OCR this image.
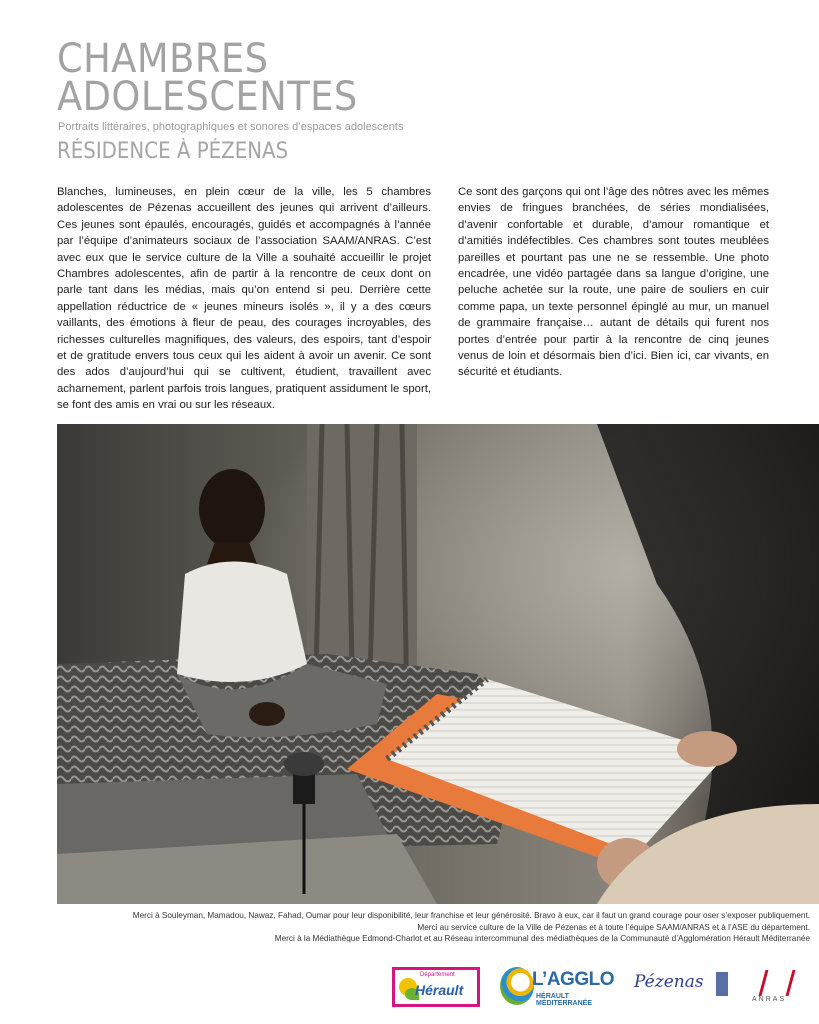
CHAMBRES
ADOLESCENTES
Portraits littéraires, photographiques et sonores d’espaces adolescents
RÉSIDENCE À PÉZENAS

Blanches, lumineuses, en plein cœur de la ville, les 5 chambres adolescentes de Pézenas accueillent des jeunes qui arrivent d’ailleurs. Ces jeunes sont épaulés, encouragés, guidés et accompagnés à l’année par l’équipe d’animateurs sociaux de l’association SAAM/ANRAS. C’est avec eux que le service culture de la Ville a souhaité accueillir le projet Chambres adolescentes, afin de partir à la rencontre de ceux dont on parle tant dans les médias, mais qu’on entend si peu. Derrière cette appellation réductrice de « jeunes mineurs isolés », il y a des cœurs vaillants, des émotions à fleur de peau, des courages incroyables, des richesses culturelles magnifiques, des valeurs, des espoirs, tant d’espoir et de gratitude envers tous ceux qui les aident à avoir un avenir. Ce sont des ados d’aujourd’hui qui se cultivent, étudient, travaillent avec acharnement, parlent parfois trois langues, pratiquent assidument le sport, se font des amis en vrai ou sur les réseaux.

Ce sont des garçons qui ont l’âge des nôtres avec les mêmes envies de fringues branchées, de séries mondialisées, d’avenir confortable et durable, d’amour romantique et d’amitiés indéfectibles. Ces chambres sont toutes meublées pareilles et pourtant pas une ne se ressemble. Une photo encadrée, une vidéo partagée dans sa langue d’origine, une peluche achetée sur la route, une paire de souliers en cuir comme papa, un texte personnel épinglé au mur, un manuel de grammaire française… autant de détails qui furent nos portes d’entrée pour partir à la rencontre de cinq jeunes venus de loin et désormais bien d’ici. Bien ici, car vivants, en sécurité et étudiants.

Merci à Souleyman, Mamadou, Nawaz, Fahad, Oumar pour leur disponibilité, leur franchise et leur générosité. Bravo à eux, car il faut un grand courage pour oser s’exposer publiquement.
Merci au service culture de la Ville de Pézenas et à toute l’équipe SAAM/ANRAS et à l’ASE du département.
Merci à la Médiathèque Edmond-Charlot et au Réseau intercommunal des médiathèques de la Communauté d’Agglomération Hérault Méditerranée
Département
Hérault	L’AGGLO
HÉRAULT MÉDITERRANÉE
Pézenas
ANRAS
